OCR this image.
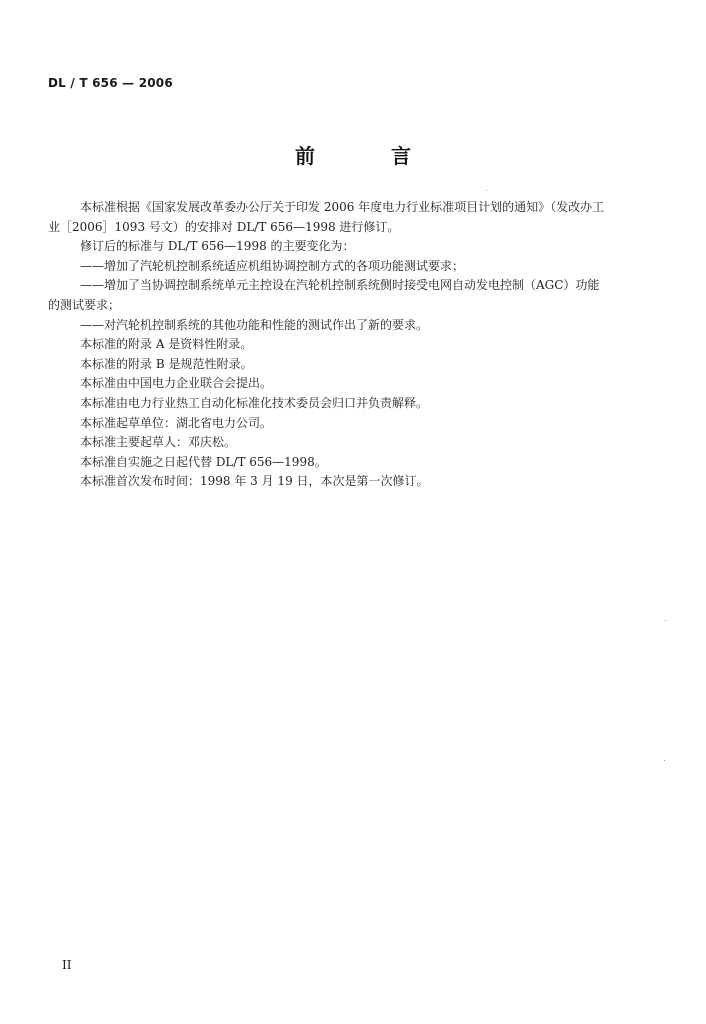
DL / T 656 — 2006
前　言

本标准根据《国家发展改革委办公厅关于印发 2006 年度电力行业标准项目计划的通知》（发改办工

业［2006］1093 号文）的安排对 DL/T 656—1998 进行修订。

修订后的标准与 DL/T 656—1998 的主要变化为：

——增加了汽轮机控制系统适应机组协调控制方式的各项功能测试要求；

——增加了当协调控制系统单元主控设在汽轮机控制系统侧时接受电网自动发电控制（AGC）功能

的测试要求；

——对汽轮机控制系统的其他功能和性能的测试作出了新的要求。

本标准的附录 A 是资料性附录。

本标准的附录 B 是规范性附录。

本标准由中国电力企业联合会提出。

本标准由电力行业热工自动化标准化技术委员会归口并负责解释。

本标准起草单位：湖北省电力公司。

本标准主要起草人：邓庆松。

本标准自实施之日起代替 DL/T 656—1998。

本标准首次发布时间：1998 年 3 月 19 日，本次是第一次修订。

II
